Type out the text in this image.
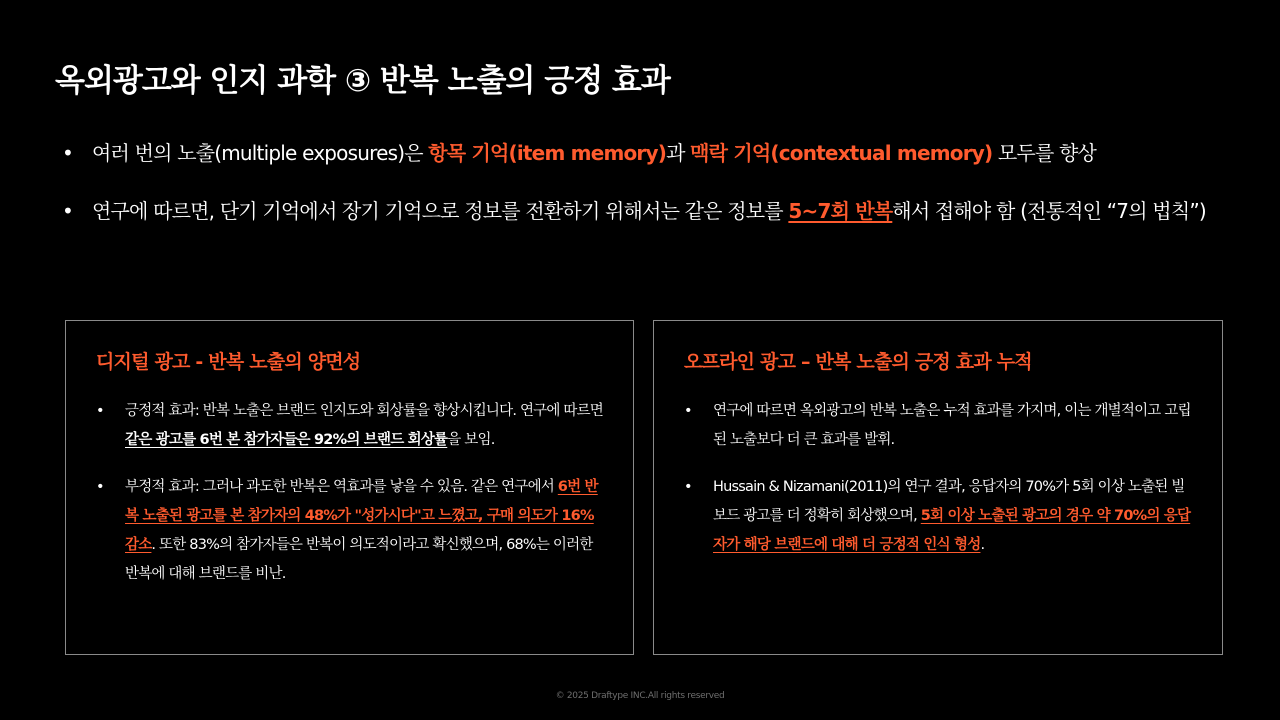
옥외광고와 인지 과학 ③ 반복 노출의 긍정 효과
• 여러 번의 노출(multiple exposures)은 항목 기억(item memory)과 맥락 기억(contextual memory) 모두를 향상
• 연구에 따르면, 단기 기억에서 장기 기억으로 정보를 전환하기 위해서는 같은 정보를 5~7회 반복해서 접해야 함 (전통적인 “7의 법칙”)
디지털 광고 - 반복 노출의 양면성
• 긍정적 효과: 반복 노출은 브랜드 인지도와 회상률을 향상시킵니다. 연구에 따르면 같은 광고를 6번 본 참가자들은 92%의 브랜드 회상률을 보임.
• 부정적 효과: 그러나 과도한 반복은 역효과를 낳을 수 있음. 같은 연구에서 6번 반복 노출된 광고를 본 참가자의 48%가 "성가시다"고 느꼈고, 구매 의도가 16% 감소. 또한 83%의 참가자들은 반복이 의도적이라고 확신했으며, 68%는 이러한 반복에 대해 브랜드를 비난.
오프라인 광고 – 반복 노출의 긍정 효과 누적
• 연구에 따르면 옥외광고의 반복 노출은 누적 효과를 가지며, 이는 개별적이고 고립된 노출보다 더 큰 효과를 발휘.
• Hussain & Nizamani(2011)의 연구 결과, 응답자의 70%가 5회 이상 노출된 빌보드 광고를 더 정확히 회상했으며, 5회 이상 노출된 광고의 경우 약 70%의 응답자가 해당 브랜드에 대해 더 긍정적 인식 형성.
© 2025 Draftype INC.All rights reserved
